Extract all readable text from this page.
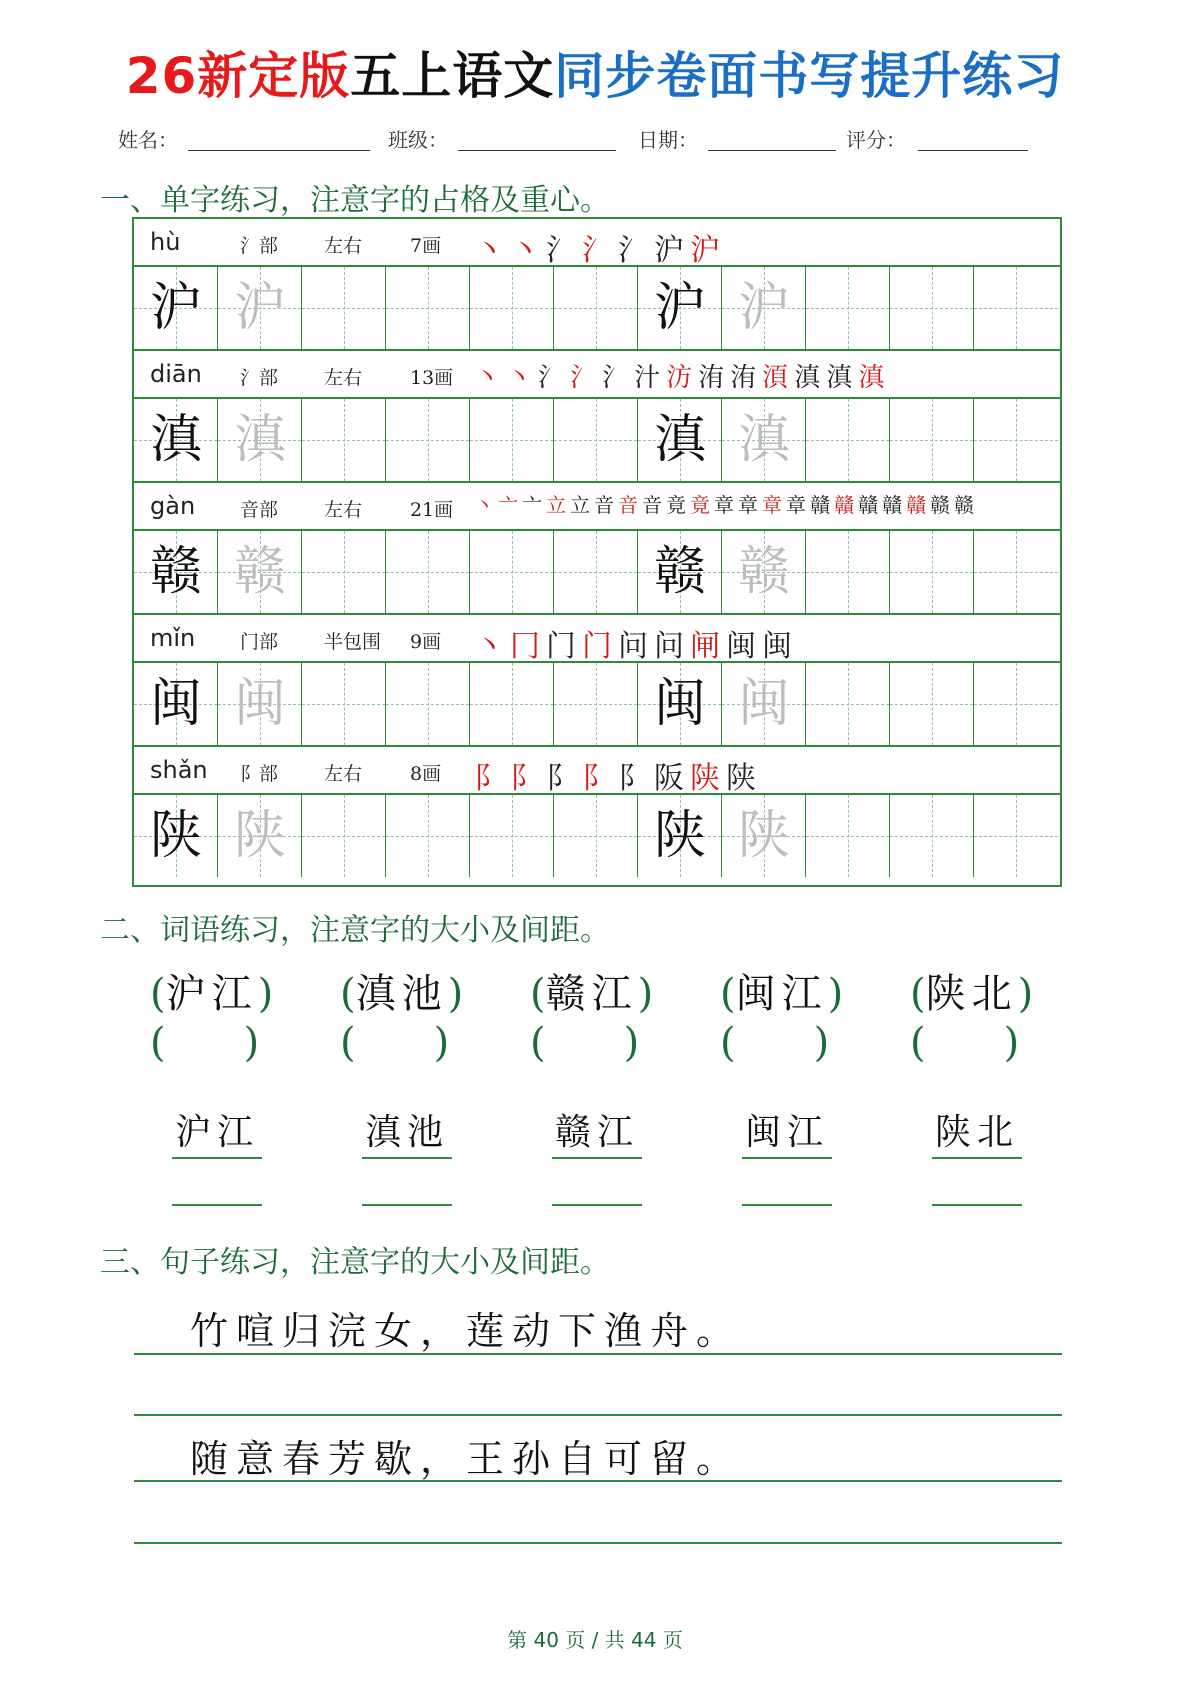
26新定版五上语文同步卷面书写提升练习
姓名：	班级：	日期：	评分：
一、单字练习，注意字的占格及重心。
hù	氵部 左右	7画 丶 丶 氵 氵 氵 沪 沪
沪 沪	沪 沪
diān 氵部 左右	13画 丶 丶 氵 氵 氵 汁 汸 洧 洧 湏 滇 滇 滇
滇 滇	滇 滇
gàn 音部 左右	21画 丶 亠 亠 立 立 音 音 音 竟 竟 章 章 章 章 贛 贛 贛 贛 贛 赣 赣
赣 赣	赣 赣
mǐn 门部 半包围 9画 丶 冂 门 门 问 问 闸 闽 闽
闽 闽	闽 闽
shǎn 阝部 左右	8画 阝 阝 阝 阝 阝 阪 陕 陕
陕 陕	陕 陕
二、词语练习，注意字的大小及间距。
(沪江)
( )
沪江
(滇池)
( )
滇池
(赣江)
( )
赣江
(闽江)
( )
闽江
(陕北)
( )
陕北
三、句子练习，注意字的大小及间距。
竹喧归浣女，莲动下渔舟。
随意春芳歇，王孙自可留。
第 40 页 / 共 44 页
